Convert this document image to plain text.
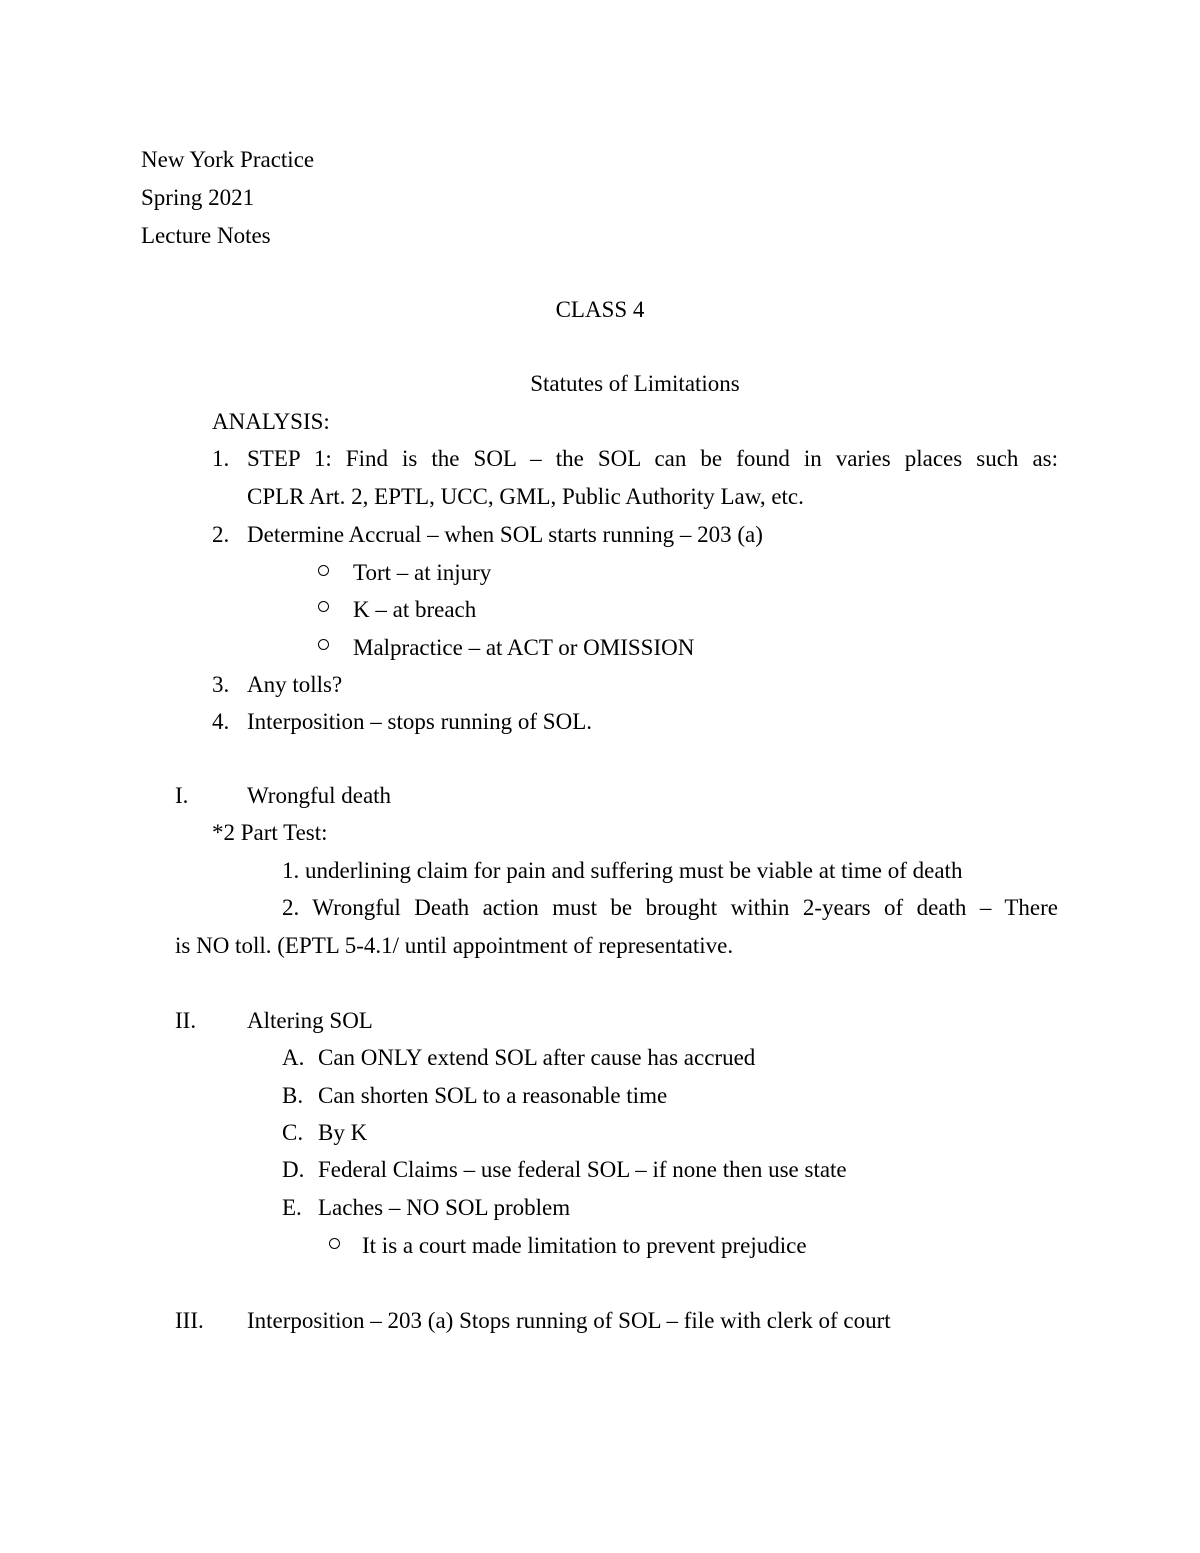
New York Practice
Spring 2021
Lecture Notes
CLASS 4
Statutes of Limitations
ANALYSIS:
1. STEP 1: Find is the SOL – the SOL can be found in varies places such as:
CPLR Art. 2, EPTL, UCC, GML, Public Authority Law, etc.
2. Determine Accrual – when SOL starts running – 203 (a)
Tort – at injury
K – at breach
Malpractice – at ACT or OMISSION
3. Any tolls?
4. Interposition – stops running of SOL.
I.	Wrongful death
*2 Part Test:
1. underlining claim for pain and suffering must be viable at time of death
2. Wrongful Death action must be brought within 2-years of death – There
is NO toll. (EPTL 5-4.1/ until appointment of representative.
II. Altering SOL
A. Can ONLY extend SOL after cause has accrued
B. Can shorten SOL to a reasonable time
C. By K
D. Federal Claims – use federal SOL – if none then use state
E. Laches – NO SOL problem
It is a court made limitation to prevent prejudice
III. Interposition – 203 (a) Stops running of SOL – file with clerk of court
